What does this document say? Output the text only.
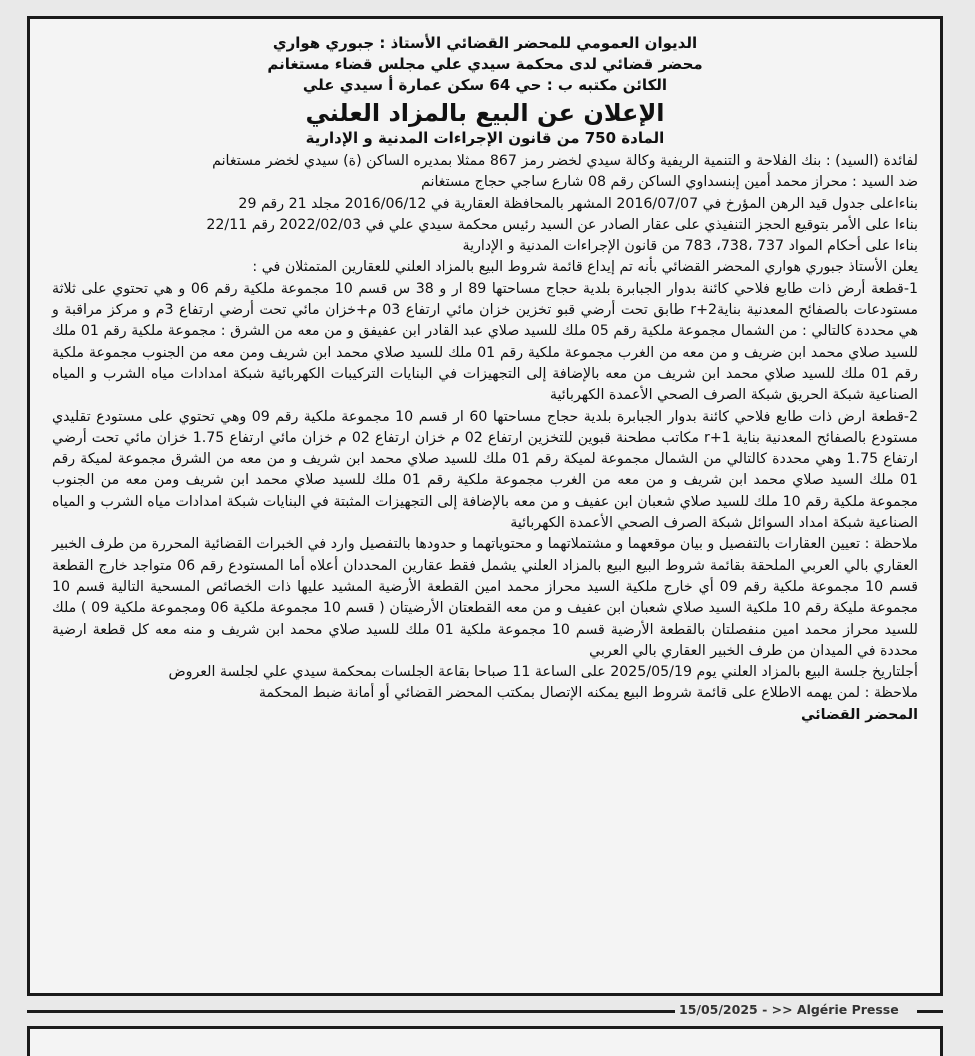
الديوان العمومي للمحضر القضائي الأستاذ : جبوري هواري
محضر قضائي لدى محكمة سيدي علي مجلس قضاء مستغانم
الكائن مكتبه ب : حي 64 سكن عمارة أ سيدي علي
الإعلان عن البيع بالمزاد العلني
المادة 750 من قانون الإجراءات المدنية و الإدارية

لفائدة (السيد) : بنك الفلاحة و التنمية الريفية وكالة سيدي لخضر رمز 867 ممثلا بمديره الساكن (ة) سيدي لخضر مستغانم

ضد السيد : محراز محمد أمين إبنسداوي الساكن رقم 08 شارع ساجي حجاج مستغانم

بناءاعلى جدول قيد الرهن المؤرخ في 2016/07/07 المشهر بالمحافظة العقارية في 2016/06/12 مجلد 21 رقم 29

بناءا على الأمر بتوقيع الحجز التنفيذي على عقار الصادر عن السيد رئيس محكمة سيدي علي في 2022/02/03 رقم 22/11

بناءا على أحكام المواد 737 ،738، 783 من قانون الإجراءات المدنية و الإدارية

يعلن الأستاذ جبوري هواري المحضر القضائي بأنه تم إيداع قائمة شروط البيع بالمزاد العلني للعقارين المتمثلان في :

1-قطعة أرض ذات طابع فلاحي كائنة بدوار الجبابرة بلدية حجاج مساحتها 89 ار و 38 س قسم 10 مجموعة ملكية رقم 06 و هي تحتوي على ثلاثة مستودعات بالصفائح المعدنية بناية2+r طابق تحت أرضي قبو تخزين خزان مائي ارتفاع 03 م+خزان مائي تحت أرضي ارتفاع 3م و مركز مراقبة و هي محددة كالتالي : من الشمال مجموعة ملكية رقم 05 ملك للسيد صلاي عبد القادر ابن عفيفق و من معه من الشرق : مجموعة ملكية رقم 01 ملك للسيد صلاي محمد ابن ضريف و من معه من الغرب مجموعة ملكية رقم 01 ملك للسيد صلاي محمد ابن شريف ومن معه من الجنوب مجموعة ملكية رقم 01 ملك للسيد صلاي محمد ابن شريف من معه بالإضافة إلى التجهيزات في البنايات التركيبات الكهربائية شبكة امدادات مياه الشرب و المياه الصناعية شبكة الحريق شبكة الصرف الصحي الأعمدة الكهربائية

2-قطعة ارض ذات طابع فلاحي كائنة بدوار الجبابرة بلدية حجاج مساحتها 60 ار قسم 10 مجموعة ملكية رقم 09 وهي تحتوي على مستودع تقليدي مستودع بالصفائح المعدنية بناية 1+r مكاتب مطحنة قبوين للتخزين ارتفاع 02 م خزان ارتفاع 02 م خزان مائي ارتفاع 1.75 خزان مائي تحت أرضي ارتفاع 1.75 وهي محددة كالتالي من الشمال مجموعة لميكة رقم 01 ملك للسيد صلاي محمد ابن شريف و من معه من الشرق مجموعة لميكة رقم 01 ملك السيد صلاي محمد ابن شريف و من معه من الغرب مجموعة ملكية رقم 01 ملك للسيد صلاي محمد ابن شريف ومن معه من الجنوب مجموعة ملكية رقم 10 ملك للسيد صلاي شعبان ابن عفيف و من معه بالإضافة إلى التجهيزات المثبتة في البنايات شبكة امدادات مياه الشرب و المياه الصناعية شبكة امداد السوائل شبكة الصرف الصحي الأعمدة الكهربائية

ملاحظة : تعيين العقارات بالتفصيل و بيان موقعهما و مشتملاتهما و محتوياتهما و حدودها بالتفصيل وارد في الخبرات القضائية المحررة من طرف الخبير العقاري بالي العربي الملحقة بقائمة شروط البيع البيع بالمزاد العلني يشمل فقط عقارين المحددان أعلاه أما المستودع رقم 06 متواجد خارج القطعة قسم 10 مجموعة ملكية رقم 09 أي خارج ملكية السيد محراز محمد امين القطعة الأرضية المشيد عليها ذات الخصائص المسحية التالية قسم 10 مجموعة مليكة رقم 10 ملكية السيد صلاي شعبان ابن عفيف و من معه القطعتان الأرضيتان ( قسم 10 مجموعة ملكية 06 ومجموعة ملكية 09 ) ملك للسيد محراز محمد امين منفصلتان بالقطعة الأرضية قسم 10 مجموعة ملكية 01 ملك للسيد صلاي محمد ابن شريف و منه معه كل قطعة ارضية محددة في الميدان من طرف الخبير العقاري بالي العربي

أجلتاريخ جلسة البيع بالمزاد العلني يوم 2025/05/19 على الساعة 11 صباحا بقاعة الجلسات بمحكمة سيدي علي لجلسة العروض

ملاحظة : لمن يهمه الاطلاع على قائمة شروط البيع يمكنه الإتصال بمكتب المحضر القضائي أو أمانة ضبط المحكمة

المحضر القضائي

15/05/2025 - >> Algérie Presse
